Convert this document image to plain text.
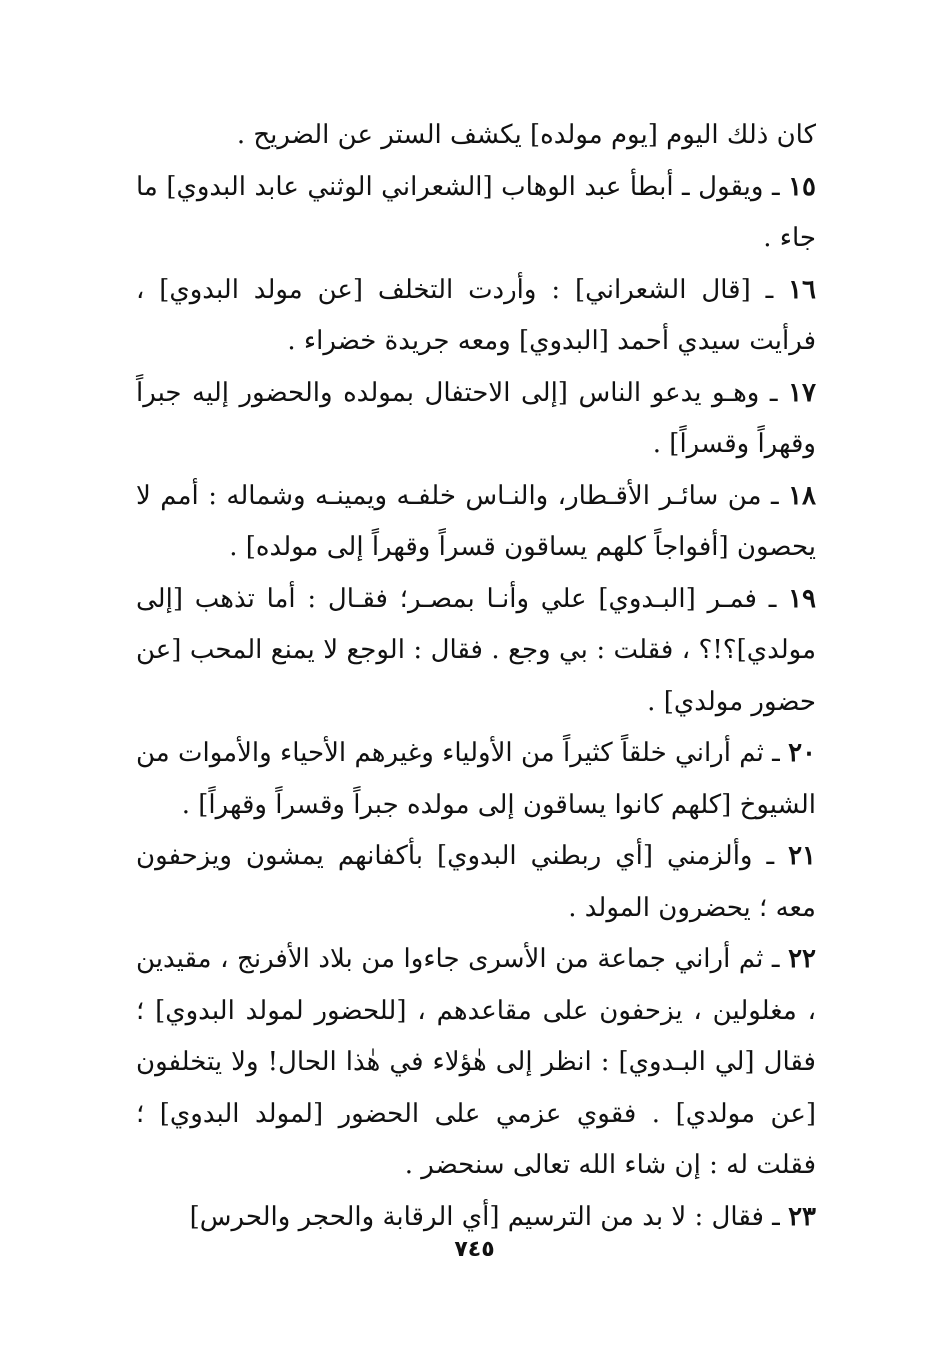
كان ذلك اليوم [يوم مولده] يكشف الستر عن الضريح .

١٥ ـ ويقول ـ أبطأ عبد الوهاب [الشعراني الوثني عابد البدوي] ما جاء .

١٦ ـ [قال الشعراني] : وأردت التخلف [عن مولد البدوي] ، فرأيت سيدي أحمد [البدوي] ومعه جريدة خضراء .

١٧ ـ وهـو يدعو الناس [إلى الاحتفال بمولده والحضور إليه جبراً وقهراً وقسراً] .

١٨ ـ من سائـر الأقـطار، والنـاس خلفـه ويمينـه وشماله : أمم لا يحصون [أفواجاً كلهم يساقون قسراً وقهراً إلى مولده] .

١٩ ـ فمـر [البـدوي] علي وأنـا بمصـر؛ فقـال : أما تذهب [إلى مولدي]؟!؟ ، فقلت : بي وجع . فقال : الوجع لا يمنع المحب [عن حضور مولدي] .

٢٠ ـ ثم أراني خلقاً كثيراً من الأولياء وغيرهم الأحياء والأموات من الشيوخ [كلهم كانوا يساقون إلى مولده جبراً وقسراً وقهراً] .

٢١ ـ وألزمني [أي ربطني البدوي] بأكفانهم يمشون ويزحفون معه ؛ يحضرون المولد .

٢٢ ـ ثم أراني جماعة من الأسرى جاءوا من بلاد الأفرنج ، مقيدين ، مغلولين ، يزحفون على مقاعدهم ، [للحضور لمولد البدوي] ؛ فقال [لي البـدوي] : انظر إلى هٰؤلاء في هٰذا الحال! ولا يتخلفون [عن مولدي] . فقوي عزمي على الحضور [لمولد البدوي] ؛ فقلت له : إن شاء الله تعالى سنحضر .

٢٣ ـ فقال : لا بد من الترسيم [أي الرقابة والحجر والحرس]

٧٤٥
